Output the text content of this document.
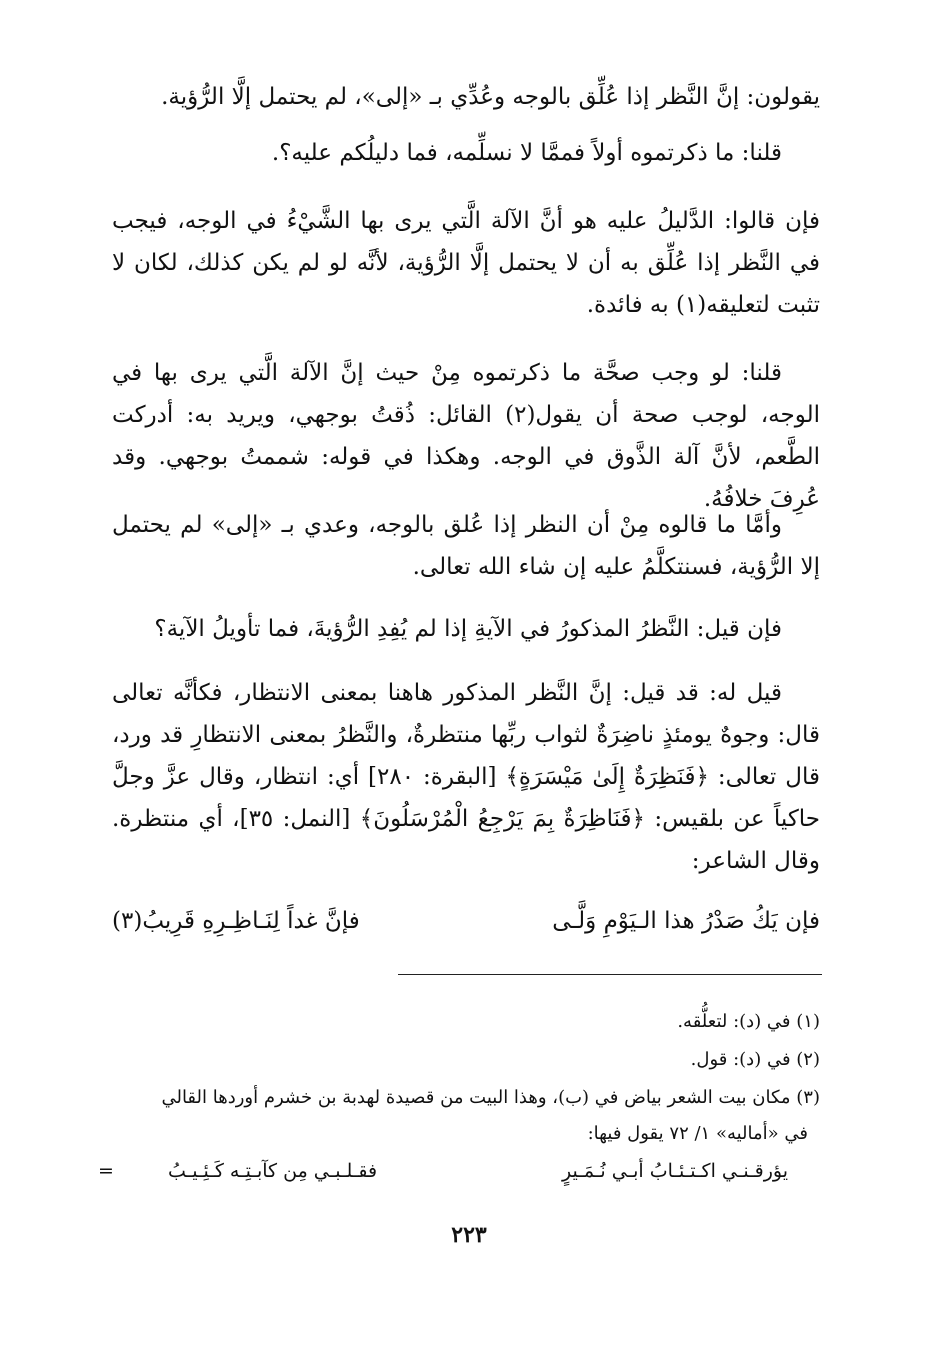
يقولون: إنَّ النَّظر إذا عُلِّق بالوجه وعُدِّي بـ «إلى»، لم يحتمل إلَّا الرُّؤية.
قلنا: ما ذكرتموه أولاً فممَّا لا نسلِّمه، فما دليلُكم عليه؟.
فإن قالوا: الدَّليلُ عليه هو أنَّ الآلة الَّتي يرى بها الشَّيْءُ في الوجه، فيجب في النَّظر إذا عُلِّق به أن لا يحتمل إلَّا الرُّؤية، لأنَّه لو لم يكن كذلك، لكان لا تثبت لتعليقه(١) به فائدة.
قلنا: لو وجب صحَّة ما ذكرتموه مِنْ حيث إنَّ الآلة الَّتي يرى بها في الوجه، لوجب صحة أن يقول(٢) القائل: ذُقتُ بوجهي، ويريد به: أدركت الطَّعم، لأنَّ آلة الذَّوق في الوجه. وهكذا في قوله: شممتُ بوجهي. وقد عُرِفَ خلافُهُ.
وأمَّا ما قالوه مِنْ أن النظر إذا عُلق بالوجه، وعدي بـ «إلى» لم يحتمل إلا الرُّؤية، فسنتكلَّمُ عليه إن شاء الله تعالى.
فإن قيل: النَّظرُ المذكورُ في الآيةِ إذا لم يُفِدِ الرُّؤيةَ، فما تأويلُ الآية؟
قيل له: قد قيل: إنَّ النَّظر المذكور هاهنا بمعنى الانتظار، فكأنَّه تعالى قال: وجوهٌ يومئذٍ ناضِرَةٌ لثواب ربِّها منتظرةٌ، والنَّظرُ بمعنى الانتظارِ قد ورد، قال تعالى: ﴿فَنَظِرَةٌ إِلَىٰ مَيْسَرَةٍ﴾ [البقرة: ٢٨٠] أي: انتظار، وقال عزَّ وجلَّ حاكياً عن بلقيس: ﴿فَنَاظِرَةٌ بِمَ يَرْجِعُ الْمُرْسَلُونَ﴾ [النمل: ٣٥]، أي منتظرة. وقال الشاعر:
فإن يَكُ صَدْرُ هذا الـيَوْمِ وَلَّـى
فإنَّ غداً لِنَـاظِـرِهِ قَرِيبُ(٣)
(١) في (د): لتعلُّقه.
(٢) في (د): قول.
(٣) مكان بيت الشعر بياض في (ب)، وهذا البيت من قصيدة لهدبة بن خشرم أوردها القالي
في «أماليه» ١/ ٧٢ يقول فيها:
يؤرقـنـي اكـتـئـابُ أبـي نُـمَـيرٍ
فقـلـبـي مِن كآبـتِـه كَـئِـيـبُ
=
٢٢٣
